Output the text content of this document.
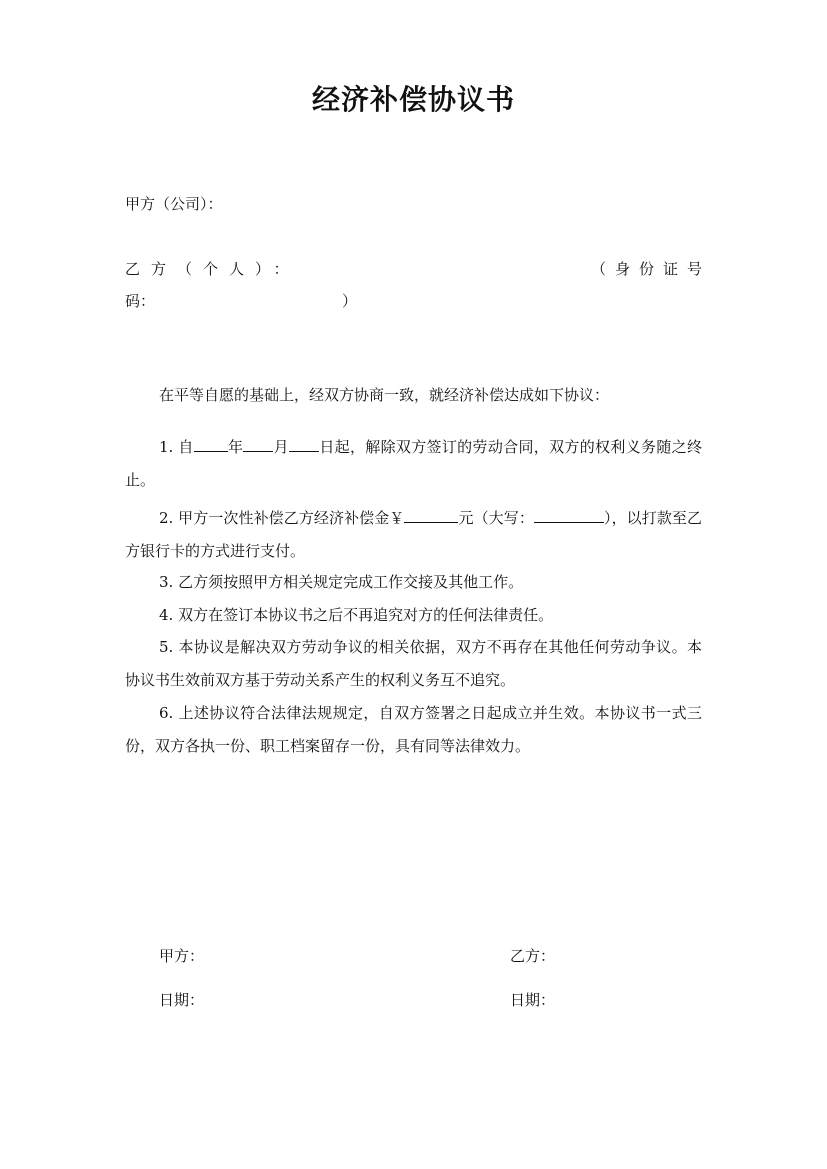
经济补偿协议书
甲方（公司）：
乙方（个人）：	（身份证号
码：	）
在平等自愿的基础上，经双方协商一致，就经济补偿达成如下协议：
1. 自 年 月 日起，解除双方签订的劳动合同，双方的权利义务随之终止。
2. 甲方一次性补偿乙方经济补偿金￥	元（大写：	），以打款至乙方银行卡的方式进行支付。
3. 乙方须按照甲方相关规定完成工作交接及其他工作。
4. 双方在签订本协议书之后不再追究对方的任何法律责任。
5. 本协议是解决双方劳动争议的相关依据，双方不再存在其他任何劳动争议。本协议书生效前双方基于劳动关系产生的权利义务互不追究。
6. 上述协议符合法律法规规定，自双方签署之日起成立并生效。本协议书一式三份，双方各执一份、职工档案留存一份，具有同等法律效力。
甲方：	乙方：
日期：	日期：
